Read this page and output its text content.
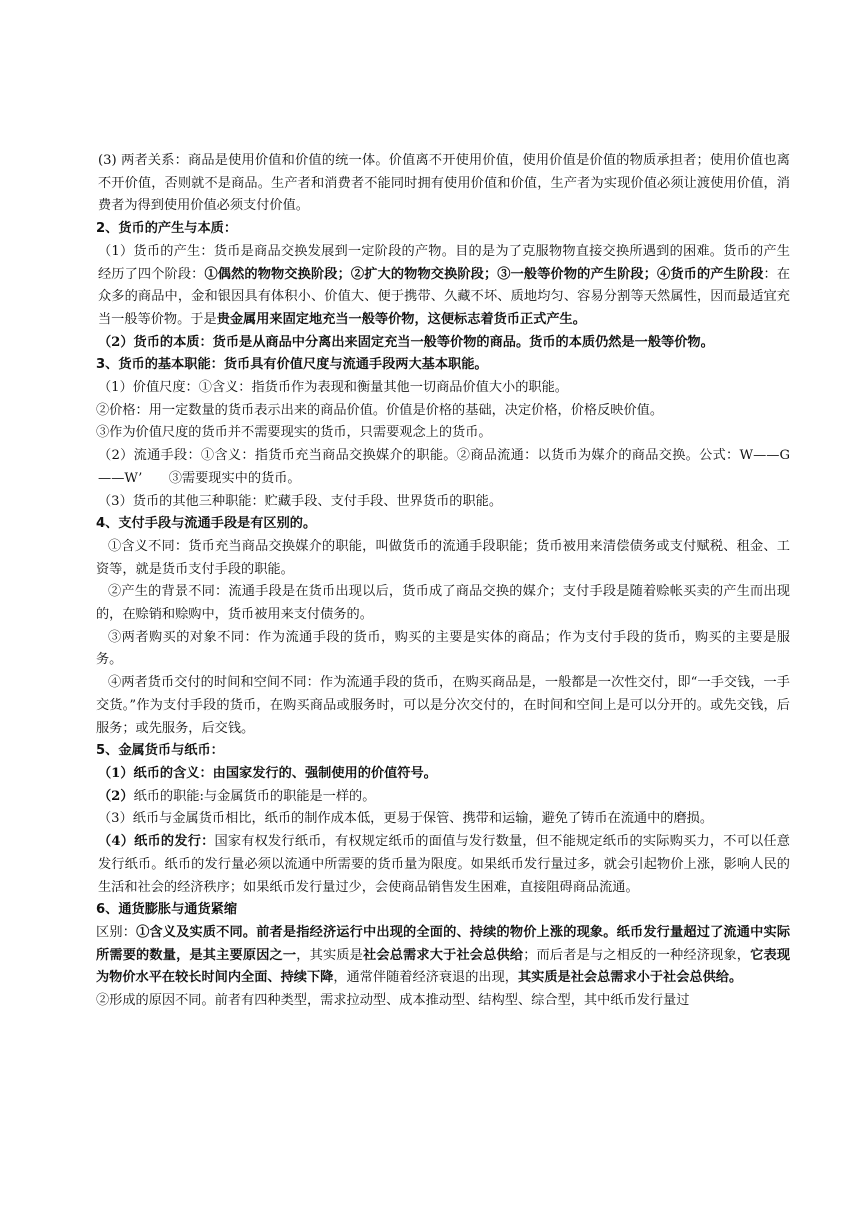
(3) 两者关系：商品是使用价值和价值的统一体。价值离不开使用价值，使用价值是价值的物质承担者；使用价值也离不开价值，否则就不是商品。生产者和消费者不能同时拥有使用价值和价值，生产者为实现价值必须让渡使用价值，消费者为得到使用价值必须支付价值。

2、货币的产生与本质：

（1）货币的产生：货币是商品交换发展到一定阶段的产物。目的是为了克服物物直接交换所遇到的困难。货币的产生经历了四个阶段：①偶然的物物交换阶段；②扩大的物物交换阶段；③一般等价物的产生阶段；④货币的产生阶段：在众多的商品中，金和银因具有体积小、价值大、便于携带、久藏不坏、质地均匀、容易分割等天然属性，因而最适宜充当一般等价物。于是贵金属用来固定地充当一般等价物，这便标志着货币正式产生。

（2）货币的本质：货币是从商品中分离出来固定充当一般等价物的商品。货币的本质仍然是一般等价物。

3、货币的基本职能：货币具有价值尺度与流通手段两大基本职能。

（1）价值尺度：①含义：指货币作为表现和衡量其他一切商品价值大小的职能。

②价格：用一定数量的货币表示出来的商品价值。价值是价格的基础，决定价格，价格反映价值。

③作为价值尺度的货币并不需要现实的货币，只需要观念上的货币。

（2）流通手段：①含义：指货币充当商品交换媒介的职能。②商品流通：以货币为媒介的商品交换。公式：W——G——W’　　③需要现实中的货币。

（3）货币的其他三种职能：贮藏手段、支付手段、世界货币的职能。

4、支付手段与流通手段是有区别的。

①含义不同：货币充当商品交换媒介的职能，叫做货币的流通手段职能；货币被用来清偿债务或支付赋税、租金、工资等，就是货币支付手段的职能。

②产生的背景不同：流通手段是在货币出现以后，货币成了商品交换的媒介；支付手段是随着赊帐买卖的产生而出现的，在赊销和赊购中，货币被用来支付债务的。

③两者购买的对象不同：作为流通手段的货币，购买的主要是实体的商品；作为支付手段的货币，购买的主要是服务。

④两者货币交付的时间和空间不同：作为流通手段的货币，在购买商品是，一般都是一次性交付，即“一手交钱，一手交货。”作为支付手段的货币，在购买商品或服务时，可以是分次交付的，在时间和空间上是可以分开的。或先交钱，后服务；或先服务，后交钱。

5、金属货币与纸币：

（1）纸币的含义：由国家发行的、强制使用的价值符号。

（2）纸币的职能:与金属货币的职能是一样的。

（3）纸币与金属货币相比，纸币的制作成本低，更易于保管、携带和运输，避免了铸币在流通中的磨损。

（4）纸币的发行：国家有权发行纸币，有权规定纸币的面值与发行数量，但不能规定纸币的实际购买力，不可以任意发行纸币。纸币的发行量必须以流通中所需要的货币量为限度。如果纸币发行量过多，就会引起物价上涨，影响人民的生活和社会的经济秩序；如果纸币发行量过少，会使商品销售发生困难，直接阻碍商品流通。

6、通货膨胀与通货紧缩

区别：①含义及实质不同。前者是指经济运行中出现的全面的、持续的物价上涨的现象。纸币发行量超过了流通中实际所需要的数量，是其主要原因之一，其实质是社会总需求大于社会总供给；而后者是与之相反的一种经济现象，它表现为物价水平在较长时间内全面、持续下降，通常伴随着经济衰退的出现，其实质是社会总需求小于社会总供给。

②形成的原因不同。前者有四种类型，需求拉动型、成本推动型、结构型、综合型，其中纸币发行量过
